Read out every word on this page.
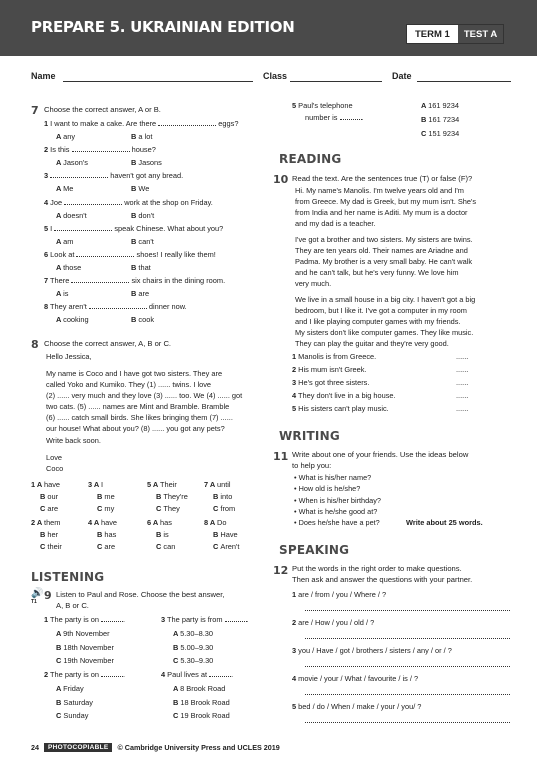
PREPARE 5. UKRAINIAN EDITION	TERM 1	TEST A
Name	Class	Date
7 Choose the correct answer, A or B.
8 Choose the correct answer, A, B or C.
LISTENING
🔊
T1 9 Listen to Paul and Rose. Choose the best answer,
A, B or C.
READING
10 Read the text. Are the sentences true (T) or false (F)?
WRITING
11 Write about one of your friends. Use the ideas below
to help you:
Write about 25 words.
SPEAKING
12 Put the words in the right order to make questions.
Then ask and answer the questions with your partner.
24	PHOTOCOPIABLE	© Cambridge University Press and UCLES 2019
1 I want to make a cake. Are there	eggs?
A any	B a lot
2 Is this	house?
A Jason's	B Jasons
3	haven't got any bread.
A Me	B We
4 Joe	work at the shop on Friday.
A doesn't	B don't
5 I	speak Chinese. What about you?
A am	B can't
6 Look at	shoes! I really like them!
A those	B that
7 There	six chairs in the dining room.
A is	B are
8 They aren't	dinner now.
A cooking	B cook
Hello Jessica,
My name is Coco and I have got two sisters. They are
called Yoko and Kumiko. They (1) ...... twins. I love
(2) ...... very much and they love (3) ...... too. We (4) ...... got
two cats. (5) ...... names are Mint and Bramble. Bramble
(6) ...... catch small birds. She likes bringing them (7) ......
our house! What about you? (8) ...... you got any pets?
Write back soon.
Love
Coco
1 A have
B our
C are
3 A I
B me
C my
5 A Their
B They're
C They
7 A until
B into
C from
2 A them
B her
C their
4 A have
B has
C are
6 A has
B is
C can
8 A Do
B Have
C Aren't
1 The party is on	.
A 9th November
B 18th November
C 19th November
3 The party is from	.
A 5.30–8.30
B 5.00–9.30
C 5.30–9.30
2 The party is on	.
A Friday
B Saturday
C Sunday
4 Paul lives at	.
A 8 Brook Road
B 18 Brook Road
C 19 Brook Road
5 Paul's telephone
number is	.
A 161 9234
B 161 7234
C 151 9234
Hi. My name's Manolis. I'm twelve years old and I'm
from Greece. My dad is Greek, but my mum isn't. She's
from India and her name is Aditi. My mum is a doctor
and my dad is a teacher.
I've got a brother and two sisters. My sisters are twins.
They are ten years old. Their names are Ariadne and
Padma. My brother is a very small baby. He can't walk
and he can't talk, but he's very funny. We love him
very much.
We live in a small house in a big city. I haven't got a big
bedroom, but I like it. I've got a computer in my room
and I like playing computer games with my friends.
My sisters don't like computer games. They like music.
They can play the guitar and they're very good.
1 Manolis is from Greece.	......
2 His mum isn't Greek.	......
3 He's got three sisters.	......
4 They don't live in a big house.	......
5 His sisters can't play music.	......
• What is his/her name?
• How old is he/she?
• When is his/her birthday?
• What is he/she good at?
• Does he/she have a pet?
1 are / from / you / Where / ?
2 are / How / you / old / ?
3 you / Have / got / brothers / sisters / any / or / ?
4 movie / your / What / favourite / is / ?
5 bed / do / When / make / your / you/ ?
